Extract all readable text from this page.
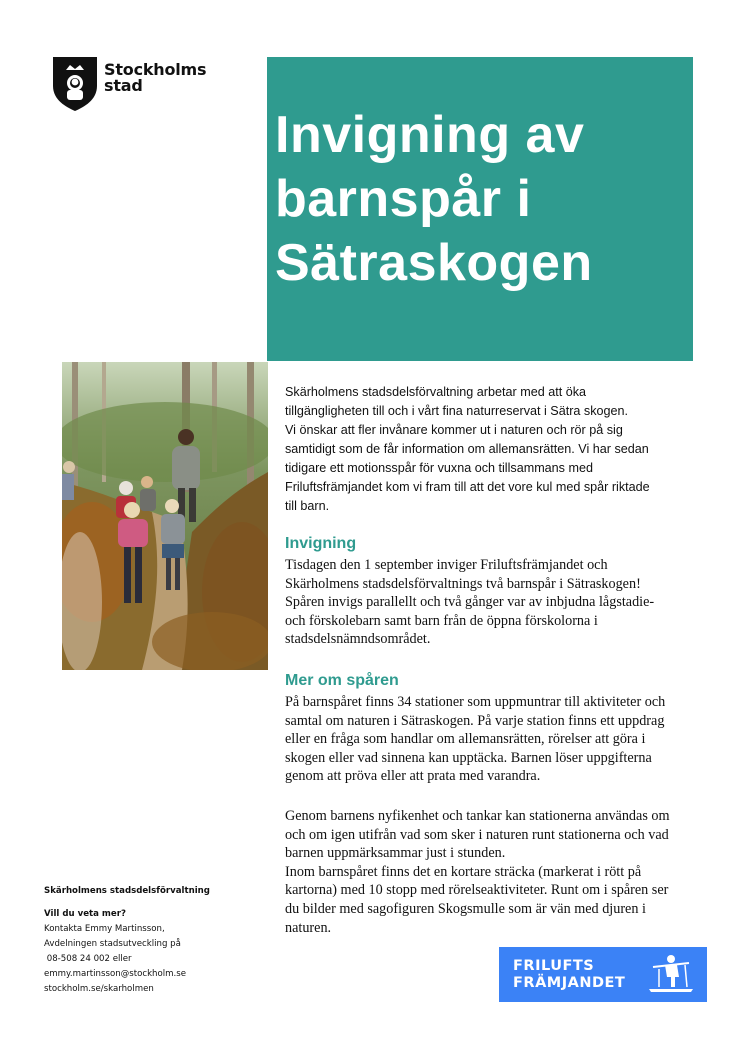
Stockholms
stad
Invigning av
barnspår i
Sätraskogen
Skärholmens stadsdelsförvaltning arbetar med att öka
tillgängligheten till och i vårt fina naturreservat i Sätra skogen.
Vi önskar att fler invånare kommer ut i naturen och rör på sig
samtidigt som de får information om allemansrätten. Vi har sedan
tidigare ett motionsspår för vuxna och tillsammans med
Friluftsfrämjandet kom vi fram till att det vore kul med spår riktade
till barn.
Invigning
Tisdagen den 1 september inviger Friluftsfrämjandet och
Skärholmens stadsdelsförvaltnings två barnspår i Sätraskogen!
Spåren invigs parallellt och två gånger var av inbjudna lågstadie-
och förskolebarn samt barn från de öppna förskolorna i
stadsdelsnämndsområdet.
Mer om spåren
På barnspåret finns 34 stationer som uppmuntrar till aktiviteter och
samtal om naturen i Sätraskogen. På varje station finns ett uppdrag
eller en fråga som handlar om allemansrätten, rörelser att göra i
skogen eller vad sinnena kan upptäcka. Barnen löser uppgifterna
genom att pröva eller att prata med varandra.
Genom barnens nyfikenhet och tankar kan stationerna användas om
och om igen utifrån vad som sker i naturen runt stationerna och vad
barnen uppmärksammar just i stunden.
Inom barnspåret finns det en kortare sträcka (markerat i rött på
kartorna) med 10 stopp med rörelseaktiviteter. Runt om i spåren ser
du bilder med sagofiguren Skogsmulle som är vän med djuren i
naturen.
Skärholmens stadsdelsförvaltning
Vill du veta mer?
Kontakta Emmy Martinsson,
Avdelningen stadsutveckling på
08-508 24 002 eller
emmy.martinsson@stockholm.se
stockholm.se/skarholmen
FRILUFTS
FRÄMJANDET
